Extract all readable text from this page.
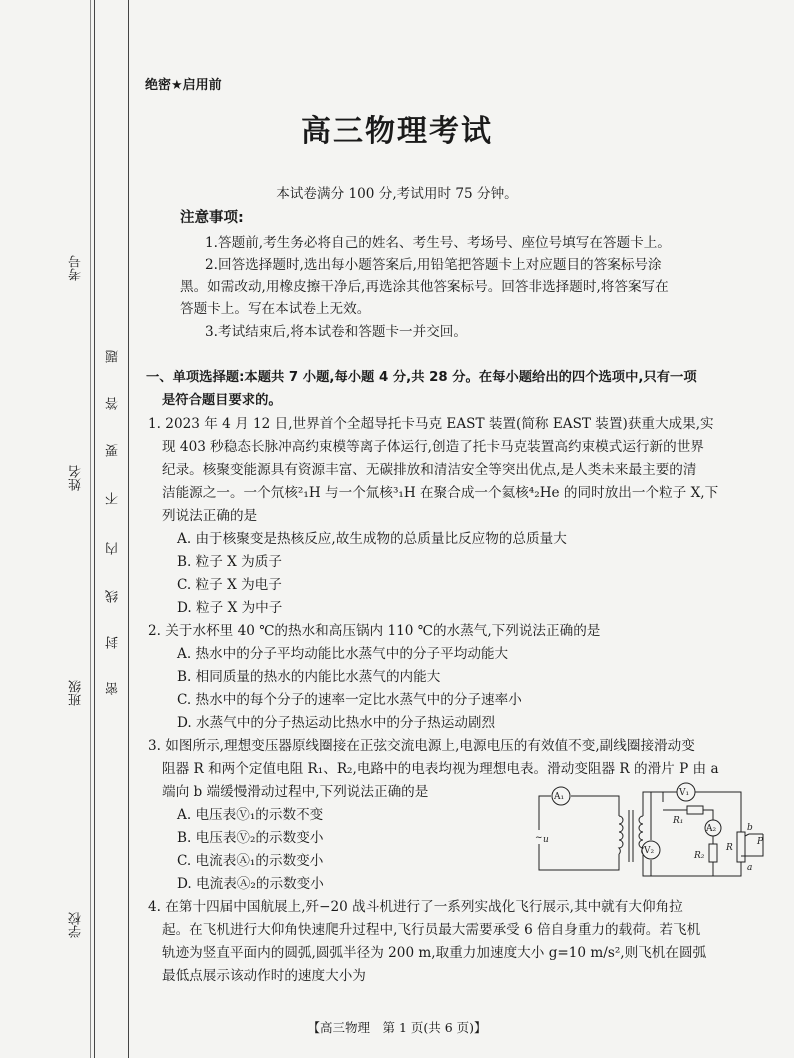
考号
姓名
班级
学校
密
封
线
内
不
要
答
题
绝密★启用前
高三物理考试
本试卷满分 100 分,考试用时 75 分钟。
注意事项:
1.答题前,考生务必将自己的姓名、考生号、考场号、座位号填写在答题卡上。
2.回答选择题时,选出每小题答案后,用铅笔把答题卡上对应题目的答案标号涂
黑。如需改动,用橡皮擦干净后,再选涂其他答案标号。回答非选择题时,将答案写在
答题卡上。写在本试卷上无效。
3.考试结束后,将本试卷和答题卡一并交回。
一、单项选择题:本题共 7 小题,每小题 4 分,共 28 分。在每小题给出的四个选项中,只有一项
是符合题目要求的。
1. 2023 年 4 月 12 日,世界首个全超导托卡马克 EAST 装置(简称 EAST 装置)获重大成果,实
现 403 秒稳态长脉冲高约束模等离子体运行,创造了托卡马克装置高约束模式运行新的世界
纪录。核聚变能源具有资源丰富、无碳排放和清洁安全等突出优点,是人类未来最主要的清
洁能源之一。一个氘核²₁H 与一个氚核³₁H 在聚合成一个氦核⁴₂He 的同时放出一个粒子 X,下
列说法正确的是
A. 由于核聚变是热核反应,故生成物的总质量比反应物的总质量大
B. 粒子 X 为质子
C. 粒子 X 为电子
D. 粒子 X 为中子
2. 关于水杯里 40 ℃的热水和高压锅内 110 ℃的水蒸气,下列说法正确的是
A. 热水中的分子平均动能比水蒸气中的分子平均动能大
B. 相同质量的热水的内能比水蒸气的内能大
C. 热水中的每个分子的速率一定比水蒸气中的分子速率小
D. 水蒸气中的分子热运动比热水中的分子热运动剧烈
3. 如图所示,理想变压器原线圈接在正弦交流电源上,电源电压的有效值不变,副线圈接滑动变
阻器 R 和两个定值电阻 R₁、R₂,电路中的电表均视为理想电表。滑动变阻器 R 的滑片 P 由 a
端向 b 端缓慢滑动过程中,下列说法正确的是
A. 电压表Ⓥ₁的示数不变
B. 电压表Ⓥ₂的示数变小
C. 电流表Ⓐ₁的示数变小
D. 电流表Ⓐ₂的示数变小
A₁
~ u
V₂
V₁
R₁
A₂
R₂
R
P
b
a
4. 在第十四届中国航展上,歼−20 战斗机进行了一系列实战化飞行展示,其中就有大仰角拉
起。在飞机进行大仰角快速爬升过程中,飞行员最大需要承受 6 倍自身重力的载荷。若飞机
轨迹为竖直平面内的圆弧,圆弧半径为 200 m,取重力加速度大小 g=10 m/s²,则飞机在圆弧
最低点展示该动作时的速度大小为
【高三物理　第 1 页(共 6 页)】
